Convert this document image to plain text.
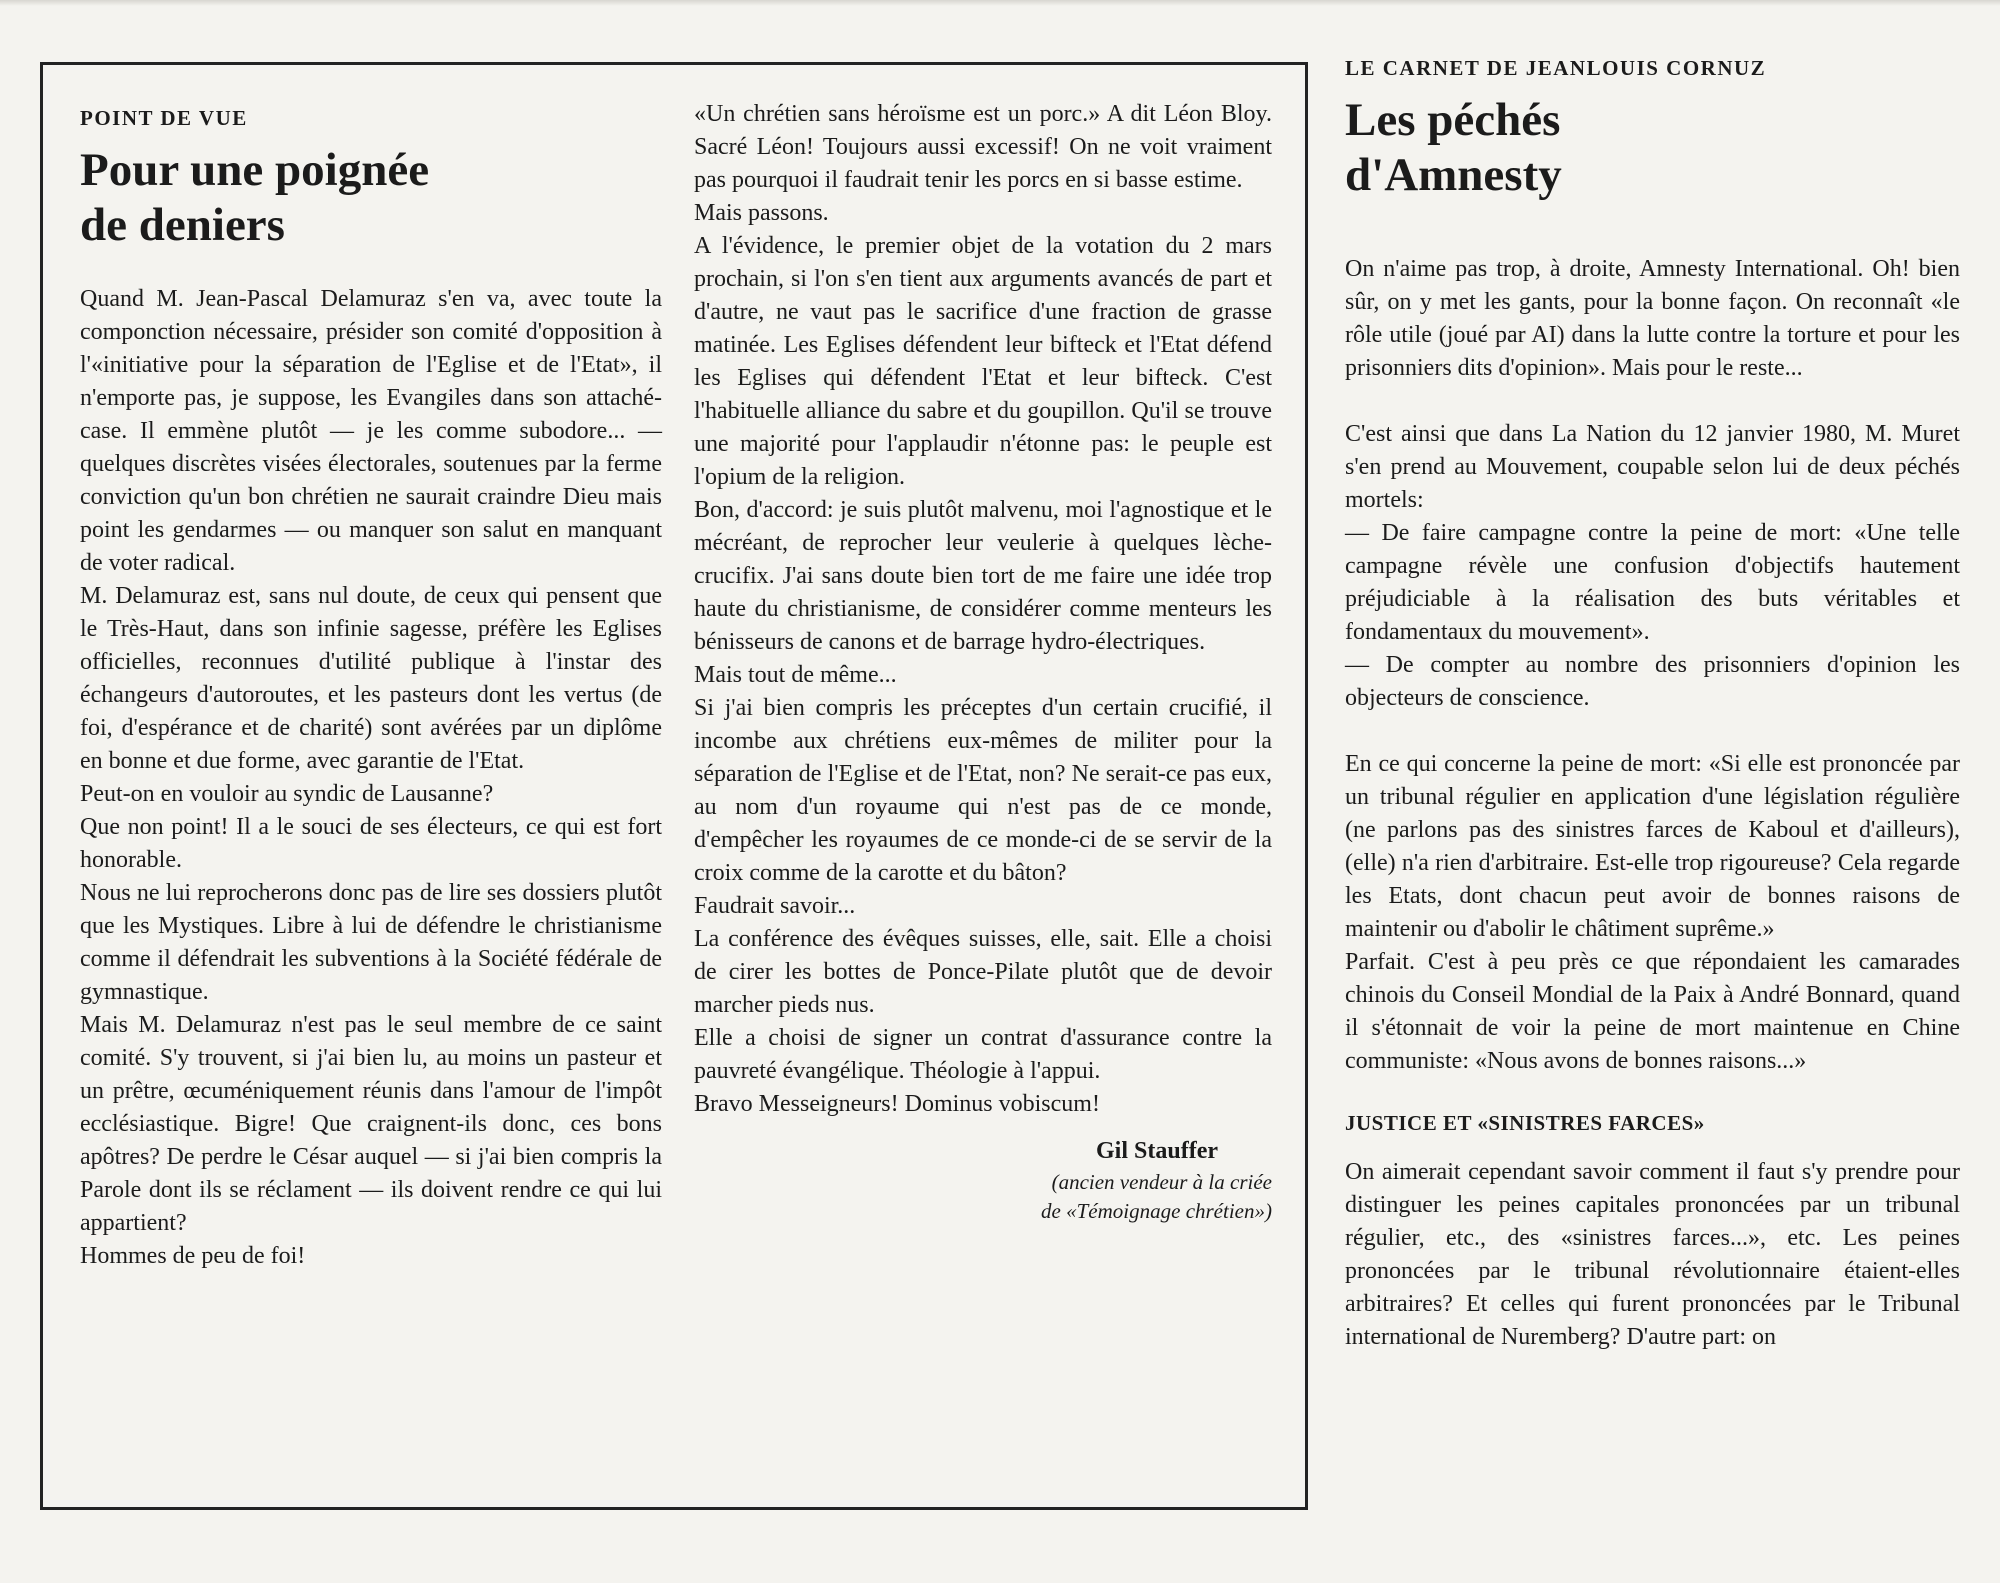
POINT DE VUE
Pour une poignée
de deniers

Quand M. Jean-Pascal Delamuraz s'en va, avec toute la componction nécessaire, présider son comité d'opposition à l'«initiative pour la séparation de l'Eglise et de l'Etat», il n'emporte pas, je suppose, les Evangiles dans son attaché-case. Il emmène plutôt — je les comme subodore... — quelques discrètes visées électorales, soutenues par la ferme conviction qu'un bon chrétien ne saurait craindre Dieu mais point les gendarmes — ou manquer son salut en manquant de voter radical.

M. Delamuraz est, sans nul doute, de ceux qui pensent que le Très-Haut, dans son infinie sagesse, préfère les Eglises officielles, reconnues d'utilité publique à l'instar des échangeurs d'autoroutes, et les pasteurs dont les vertus (de foi, d'espérance et de charité) sont avérées par un diplôme en bonne et due forme, avec garantie de l'Etat.

Peut-on en vouloir au syndic de Lausanne?

Que non point! Il a le souci de ses électeurs, ce qui est fort honorable.

Nous ne lui reprocherons donc pas de lire ses dossiers plutôt que les Mystiques. Libre à lui de défendre le christianisme comme il défendrait les subventions à la Société fédérale de gymnastique.

Mais M. Delamuraz n'est pas le seul membre de ce saint comité. S'y trouvent, si j'ai bien lu, au moins un pasteur et un prêtre, œcuméniquement réunis dans l'amour de l'impôt ecclésiastique. Bigre! Que craignent-ils donc, ces bons apôtres? De perdre le César auquel — si j'ai bien compris la Parole dont ils se réclament — ils doivent rendre ce qui lui appartient?

Hommes de peu de foi!

«Un chrétien sans héroïsme est un porc.» A dit Léon Bloy. Sacré Léon! Toujours aussi excessif! On ne voit vraiment pas pourquoi il faudrait tenir les porcs en si basse estime.

Mais passons.

A l'évidence, le premier objet de la votation du 2 mars prochain, si l'on s'en tient aux arguments avancés de part et d'autre, ne vaut pas le sacrifice d'une fraction de grasse matinée. Les Eglises défendent leur bifteck et l'Etat défend les Eglises qui défendent l'Etat et leur bifteck. C'est l'habituelle alliance du sabre et du goupillon. Qu'il se trouve une majorité pour l'applaudir n'étonne pas: le peuple est l'opium de la religion.

Bon, d'accord: je suis plutôt malvenu, moi l'agnostique et le mécréant, de reprocher leur veulerie à quelques lèche-crucifix. J'ai sans doute bien tort de me faire une idée trop haute du christianisme, de considérer comme menteurs les bénisseurs de canons et de barrage hydro-électriques.

Mais tout de même...

Si j'ai bien compris les préceptes d'un certain crucifié, il incombe aux chrétiens eux-mêmes de militer pour la séparation de l'Eglise et de l'Etat, non? Ne serait-ce pas eux, au nom d'un royaume qui n'est pas de ce monde, d'empêcher les royaumes de ce monde-ci de se servir de la croix comme de la carotte et du bâton?

Faudrait savoir...

La conférence des évêques suisses, elle, sait. Elle a choisi de cirer les bottes de Ponce-Pilate plutôt que de devoir marcher pieds nus.

Elle a choisi de signer un contrat d'assurance contre la pauvreté évangélique. Théologie à l'appui.

Bravo Messeigneurs! Dominus vobiscum!

Gil Stauffer
(ancien vendeur à la criée
de «Témoignage chrétien»)
LE CARNET DE JEANLOUIS CORNUZ
Les péchés
d'Amnesty

On n'aime pas trop, à droite, Amnesty International. Oh! bien sûr, on y met les gants, pour la bonne façon. On reconnaît «le rôle utile (joué par AI) dans la lutte contre la torture et pour les prisonniers dits d'opinion». Mais pour le reste...

C'est ainsi que dans La Nation du 12 janvier 1980, M. Muret s'en prend au Mouvement, coupable selon lui de deux péchés mortels:

— De faire campagne contre la peine de mort: «Une telle campagne révèle une confusion d'objectifs hautement préjudiciable à la réalisation des buts véritables et fondamentaux du mouvement».

— De compter au nombre des prisonniers d'opinion les objecteurs de conscience.

En ce qui concerne la peine de mort: «Si elle est prononcée par un tribunal régulier en application d'une législation régulière (ne parlons pas des sinistres farces de Kaboul et d'ailleurs), (elle) n'a rien d'arbitraire. Est-elle trop rigoureuse? Cela regarde les Etats, dont chacun peut avoir de bonnes raisons de maintenir ou d'abolir le châtiment suprême.»

Parfait. C'est à peu près ce que répondaient les camarades chinois du Conseil Mondial de la Paix à André Bonnard, quand il s'étonnait de voir la peine de mort maintenue en Chine communiste: «Nous avons de bonnes raisons...»

JUSTICE ET «SINISTRES FARCES»

On aimerait cependant savoir comment il faut s'y prendre pour distinguer les peines capitales prononcées par un tribunal régulier, etc., des «sinistres farces...», etc. Les peines prononcées par le tribunal révolutionnaire étaient-elles arbitraires? Et celles qui furent prononcées par le Tribunal international de Nuremberg? D'autre part: on
